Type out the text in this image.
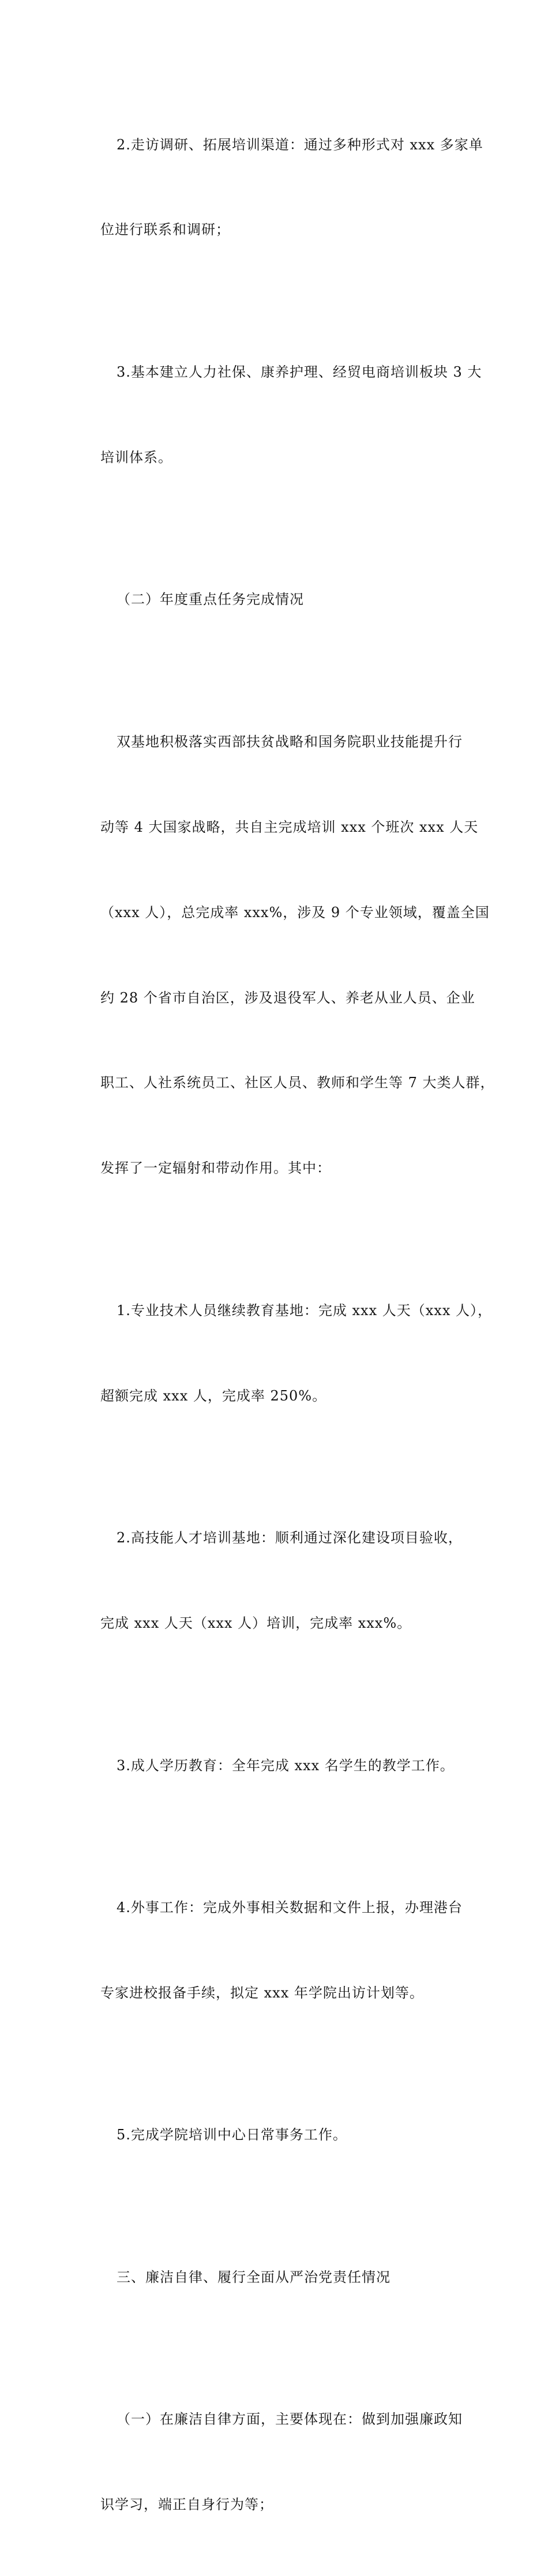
2.走访调研、拓展培训渠道：通过多种形式对 xxx 多家单

位进行联系和调研；

3.基本建立人力社保、康养护理、经贸电商培训板块 3 大

培训体系。

（二）年度重点任务完成情况

双基地积极落实西部扶贫战略和国务院职业技能提升行

动等 4 大国家战略，共自主完成培训 xxx 个班次 xxx 人天

（xxx 人），总完成率 xxx%，涉及 9 个专业领域，覆盖全国

约 28 个省市自治区，涉及退役军人、养老从业人员、企业

职工、人社系统员工、社区人员、教师和学生等 7 大类人群，

发挥了一定辐射和带动作用。其中：

1.专业技术人员继续教育基地：完成 xxx 人天（xxx 人），

超额完成 xxx 人，完成率 250%。

2.高技能人才培训基地：顺利通过深化建设项目验收，

完成 xxx 人天（xxx 人）培训，完成率 xxx%。

3.成人学历教育：全年完成 xxx 名学生的教学工作。

4.外事工作：完成外事相关数据和文件上报，办理港台

专家进校报备手续，拟定 xxx 年学院出访计划等。

5.完成学院培训中心日常事务工作。

三、廉洁自律、履行全面从严治党责任情况

（一）在廉洁自律方面，主要体现在：做到加强廉政知

识学习，端正自身行为等；
